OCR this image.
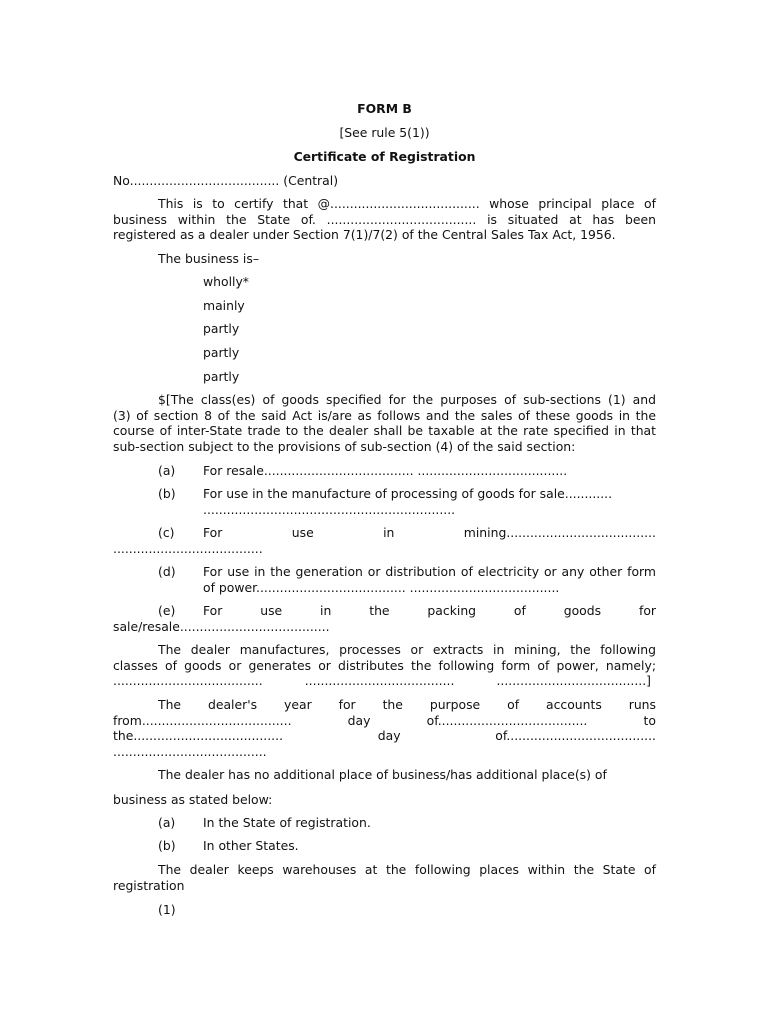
FORM B

[See rule 5(1))

Certificate of Registration

No...................................... (Central)

This is to certify that @...................................... whose principal place of
business within the State of. ...................................... is situated at has been
registered as a dealer under Section 7(1)/7(2) of the Central Sales Tax Act, 1956.

The business is–

wholly*

mainly

partly

partly

partly

$[The class(es) of goods specified for the purposes of sub-sections (1) and
(3) of section 8 of the said Act is/are as follows and the sales of these goods in the
course of inter-State trade to the dealer shall be taxable at the rate specified in that
sub-section subject to the provisions of sub-section (4) of the said section:
(a) For resale...................................... ......................................
(b) For use in the manufacture of processing of goods for sale............
................................................................
(c) For use in mining......................................
......................................
(d) For use in the generation or distribution of electricity or any other form
of power...................................... ......................................
(e) For use in the packing of goods for
sale/resale......................................
The dealer manufactures, processes or extracts in mining, the following
classes of goods or generates or distributes the following form of power, namely;
...................................... ...................................... ......................................]
The dealer's year for the purpose of accounts runs
from...................................... day of...................................... to
the...................................... day of......................................
.......................................

The dealer has no additional place of business/has additional place(s) of

business as stated below:

(a) In the State of registration.
(b) In other States.
The dealer keeps warehouses at the following places within the State of
registration

(1)
